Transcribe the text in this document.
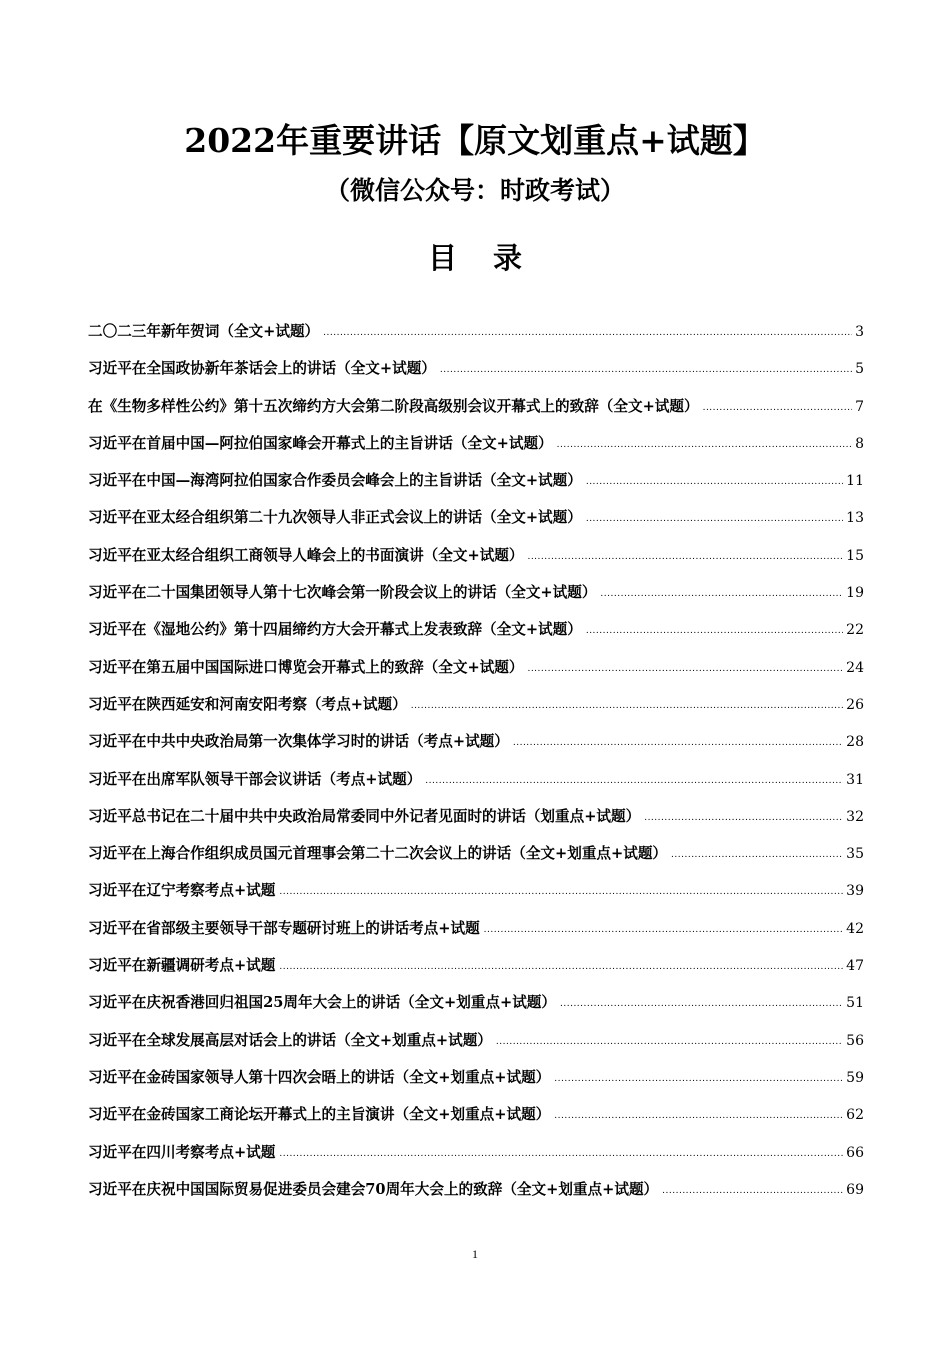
2022年重要讲话【原文划重点+试题】
（微信公众号：时政考试）
目录
二〇二三年新年贺词（全文+试题） .....	3
习近平在全国政协新年茶话会上的讲话（全文+试题） .....	5
在《生物多样性公约》第十五次缔约方大会第二阶段高级别会议开幕式上的致辞（全文+试题） .....	7
习近平在首届中国—阿拉伯国家峰会开幕式上的主旨讲话（全文+试题） .....	8
习近平在中国—海湾阿拉伯国家合作委员会峰会上的主旨讲话（全文+试题） .....	11
习近平在亚太经合组织第二十九次领导人非正式会议上的讲话（全文+试题） .....	13
习近平在亚太经合组织工商领导人峰会上的书面演讲（全文+试题） .....	15
习近平在二十国集团领导人第十七次峰会第一阶段会议上的讲话（全文+试题） .....	19
习近平在《湿地公约》第十四届缔约方大会开幕式上发表致辞（全文+试题） .....	22
习近平在第五届中国国际进口博览会开幕式上的致辞（全文+试题） .....	24
习近平在陕西延安和河南安阳考察（考点+试题） .....	26
习近平在中共中央政治局第一次集体学习时的讲话（考点+试题） .....	28
习近平在出席军队领导干部会议讲话（考点+试题） .....	31
习近平总书记在二十届中共中央政治局常委同中外记者见面时的讲话（划重点+试题） .....	32
习近平在上海合作组织成员国元首理事会第二十二次会议上的讲话（全文+划重点+试题） .....	35
习近平在辽宁考察考点+试题 .....	39
习近平在省部级主要领导干部专题研讨班上的讲话考点+试题 .....	42
习近平在新疆调研考点+试题 .....	47
习近平在庆祝香港回归祖国25周年大会上的讲话（全文+划重点+试题） .....	51
习近平在全球发展高层对话会上的讲话（全文+划重点+试题） .....	56
习近平在金砖国家领导人第十四次会晤上的讲话（全文+划重点+试题） .....	59
习近平在金砖国家工商论坛开幕式上的主旨演讲（全文+划重点+试题） .....	62
习近平在四川考察考点+试题 .....	66
习近平在庆祝中国国际贸易促进委员会建会70周年大会上的致辞（全文+划重点+试题） .....	69
1
